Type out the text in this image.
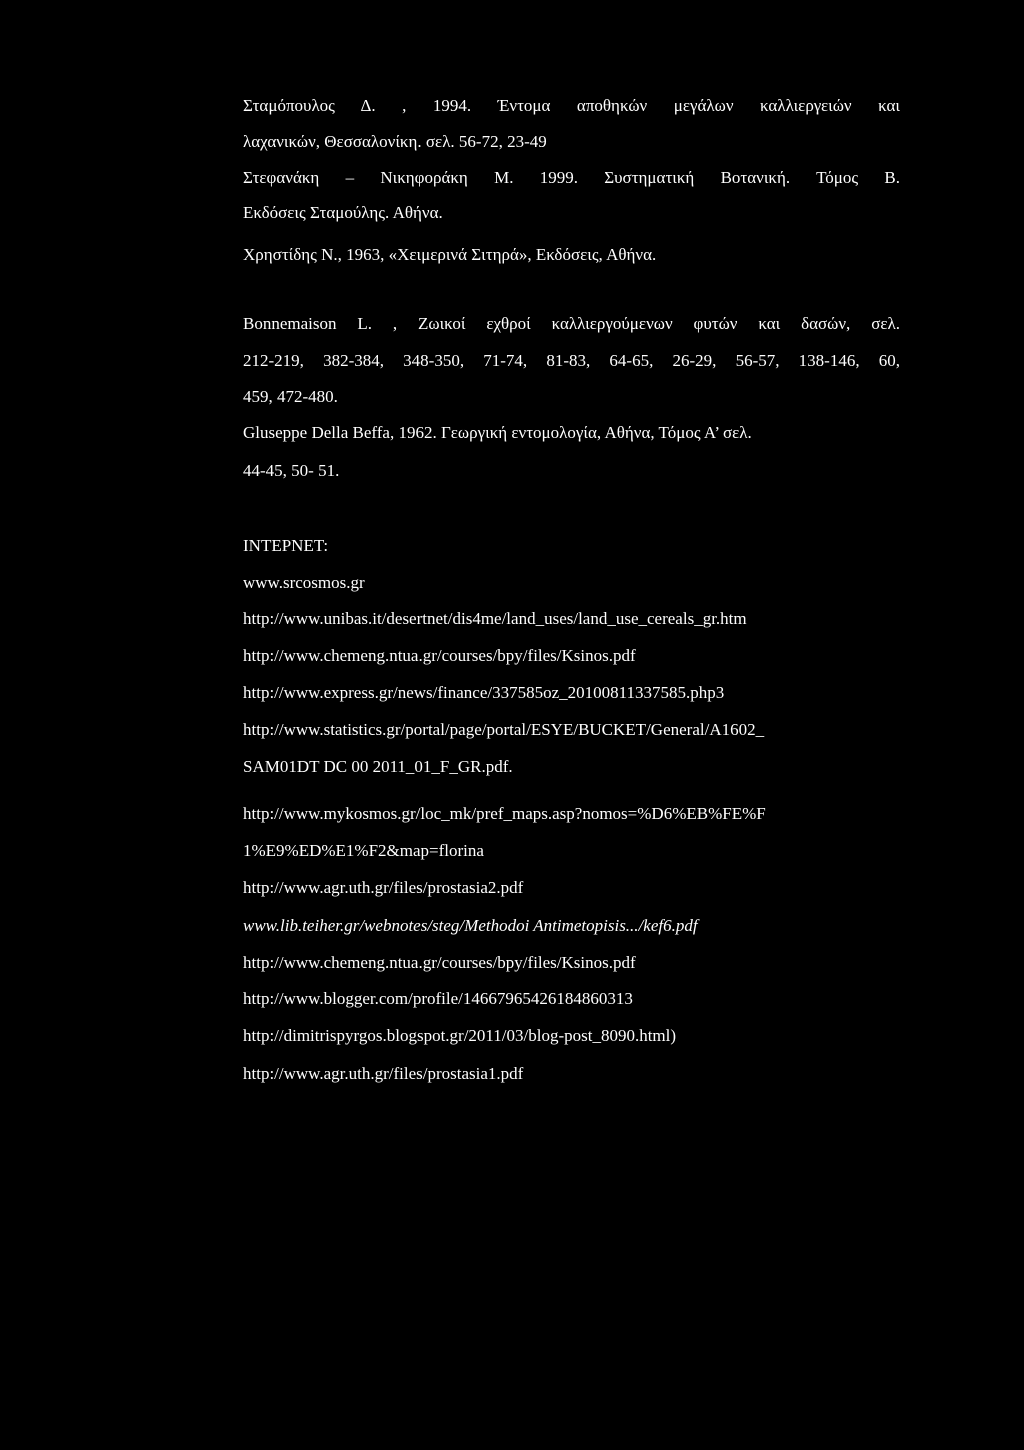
Σταμόπουλος Δ. , 1994. Έντομα αποθηκών μεγάλων καλλιεργειών και
λαχανικών, Θεσσαλονίκη. σελ. 56-72, 23-49
Στεφανάκη – Νικηφοράκη Μ. 1999. Συστηματική Βοτανική. Τόμος Β.
Εκδόσεις Σταμούλης. Αθήνα.
Χρηστίδης Ν., 1963, «Χειμερινά Σιτηρά», Εκδόσεις, Αθήνα.
Bonnemaison L. , Ζωικοί εχθροί καλλιεργούμενων φυτών και δασών, σελ.
212-219, 382-384, 348-350, 71-74, 81-83, 64-65, 26-29, 56-57, 138-146, 60,
459, 472-480.
Gluseppe Della Beffa, 1962. Γεωργική εντομολογία, Αθήνα, Τόμος Α’ σελ.
44-45, 50- 51.
ΙΝΤΕΡΝΕΤ:
www.srcosmos.gr
http://www.unibas.it/desertnet/dis4me/land_uses/land_use_cereals_gr.htm
http://www.chemeng.ntua.gr/courses/bpy/files/Ksinos.pdf
http://www.express.gr/news/finance/337585oz_20100811337585.php3
http://www.statistics.gr/portal/page/portal/ESYE/BUCKET/General/A1602_
SAM01DT DC 00 2011_01_F_GR.pdf.
http://www.mykosmos.gr/loc_mk/pref_maps.asp?nomos=%D6%EB%FE%F
1%E9%ED%E1%F2&map=florina
http://www.agr.uth.gr/files/prostasia2.pdf
www.lib.teiher.gr/webnotes/steg/Methodoi Antimetopisis.../kef6.pdf
http://www.chemeng.ntua.gr/courses/bpy/files/Ksinos.pdf
http://www.blogger.com/profile/14667965426184860313
http://dimitrispyrgos.blogspot.gr/2011/03/blog-post_8090.html)
http://www.agr.uth.gr/files/prostasia1.pdf
